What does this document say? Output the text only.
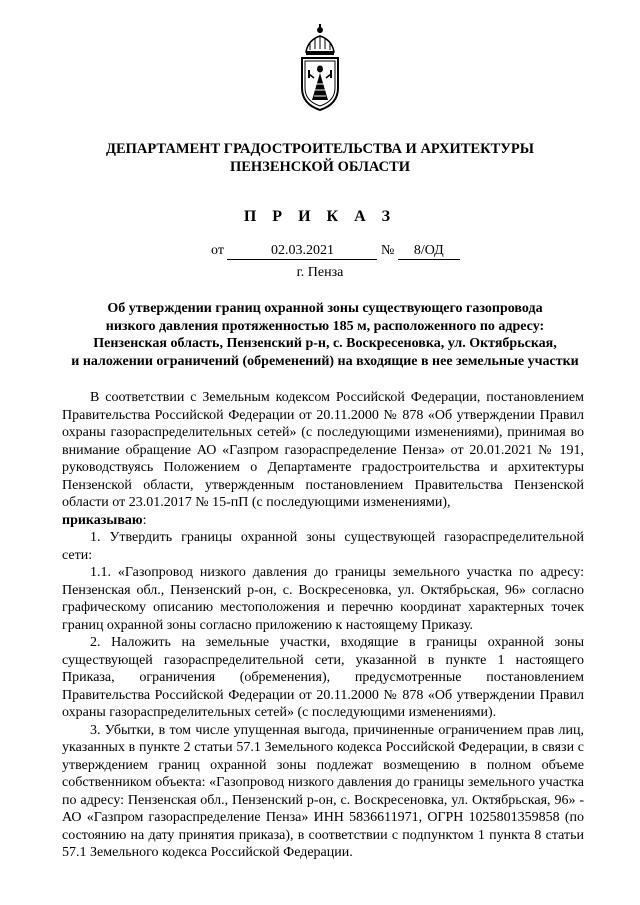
ДЕПАРТАМЕНТ ГРАДОСТРОИТЕЛЬСТВА И АРХИТЕКТУРЫ
ПЕНЗЕНСКОЙ ОБЛАСТИ
П Р И К А З
от	02.03.2021	№ 8/ОД
г. Пенза
Об утверждении границ охранной зоны существующего газопровода
низкого давления протяженностью 185 м, расположенного по адресу:
Пензенская область, Пензенский р-н, с. Воскресеновка, ул. Октябрьская,
и наложении ограничений (обременений) на входящие в нее земельные участки

В соответствии с Земельным кодексом Российской Федерации, постановлением Правительства Российской Федерации от 20.11.2000 № 878 «Об утверждении Правил охраны газораспределительных сетей» (с последующими изменениями), принимая во внимание обращение АО «Газпром газораспределение Пенза» от 20.01.2021 № 191, руководствуясь Положением о Департаменте градостроительства и архитектуры Пензенской области, утвержденным постановлением Правительства Пензенской области от 23.01.2017 № 15-пП (с последующими изменениями),
приказываю:

1. Утвердить границы охранной зоны существующей газораспределительной сети:

1.1. «Газопровод низкого давления до границы земельного участка по адресу: Пензенская обл., Пензенский р-он, с. Воскресеновка, ул. Октябрьская, 96» согласно графическому описанию местоположения и перечню координат характерных точек границ охранной зоны согласно приложению к настоящему Приказу.

2. Наложить на земельные участки, входящие в границы охранной зоны существующей газораспределительной сети, указанной в пункте 1 настоящего Приказа, ограничения (обременения), предусмотренные постановлением Правительства Российской Федерации от 20.11.2000 № 878 «Об утверждении Правил охраны газораспределительных сетей» (с последующими изменениями).

3. Убытки, в том числе упущенная выгода, причиненные ограничением прав лиц, указанных в пункте 2 статьи 57.1 Земельного кодекса Российской Федерации, в связи с утверждением границ охранной зоны подлежат возмещению в полном объеме собственником объекта: «Газопровод низкого давления до границы земельного участка по адресу: Пензенская обл., Пензенский р-он, с. Воскресеновка, ул. Октябрьская, 96» - АО «Газпром газораспределение Пенза» ИНН 5836611971, ОГРН 1025801359858 (по состоянию на дату принятия приказа), в соответствии с подпунктом 1 пункта 8 статьи 57.1 Земельного кодекса Российской Федерации.
